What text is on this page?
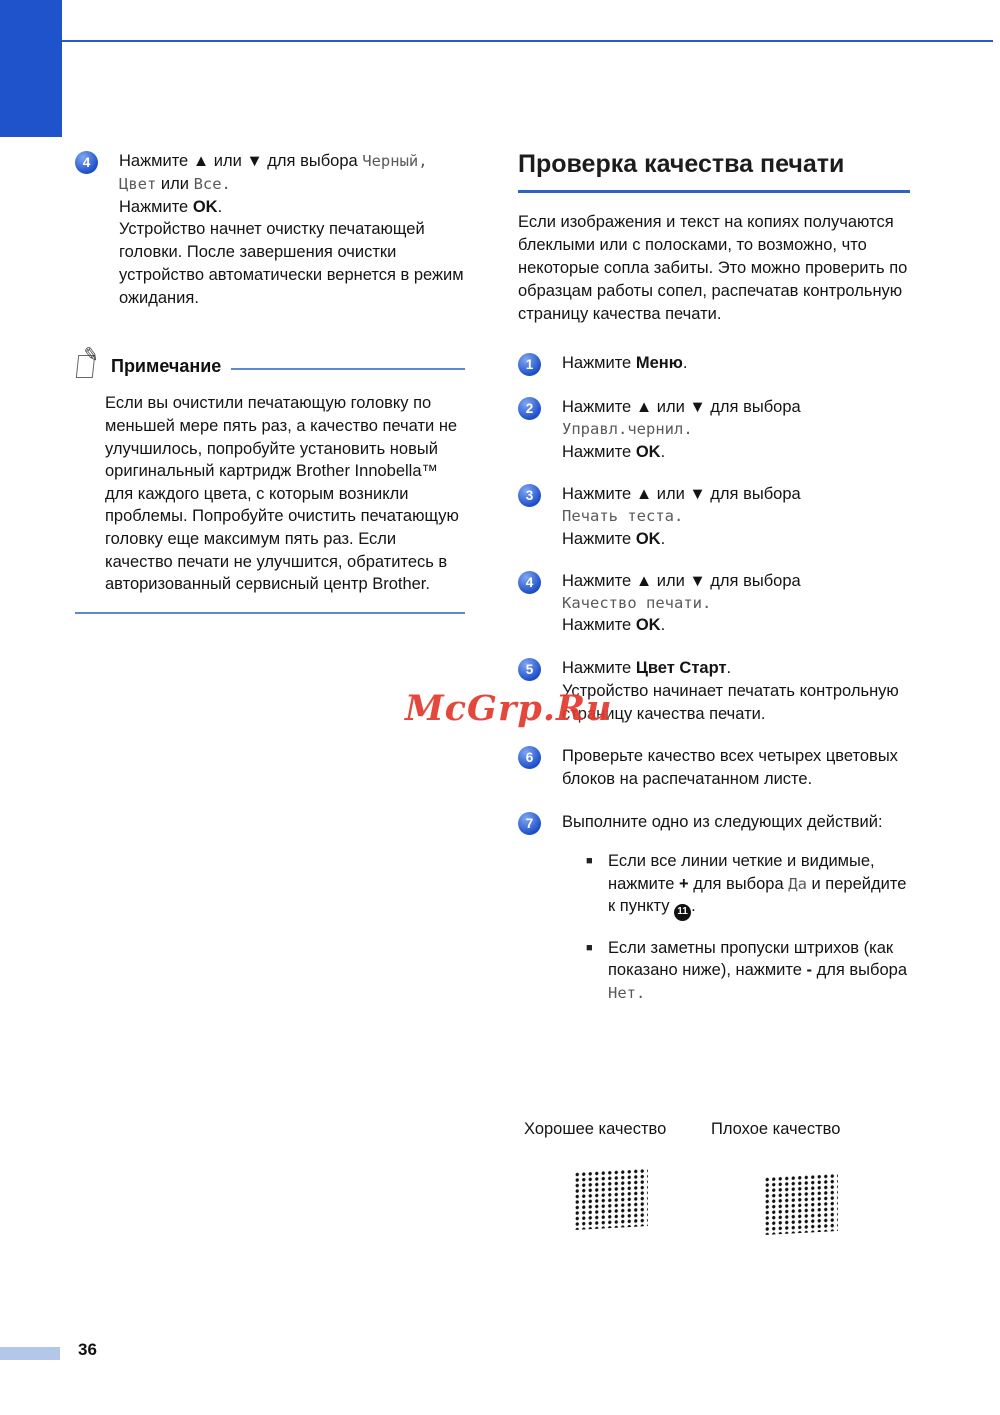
36
McGrp.Ru
4	Нажмите ▲ или ▼ для выбора Черный,
Цвет или Все.
Нажмите OK.
Устройство начнет очистку печатающей головки. После завершения очистки устройство автоматически вернется в режим ожидания.
✎ Примечание
Если вы очистили печатающую головку по меньшей мере пять раз, а качество печати не улучшилось, попробуйте установить новый оригинальный картридж Brother Innobella™ для каждого цвета, с которым возникли проблемы. Попробуйте очистить печатающую головку еще максимум пять раз. Если качество печати не улучшится, обратитесь в авторизованный сервисный центр Brother.
Проверка качества печати

Если изображения и текст на копиях получаются блеклыми или с полосками, то возможно, что некоторые сопла забиты. Это можно проверить по образцам работы сопел, распечатав контрольную страницу качества печати.

1	Нажмите Меню.
2	Нажмите ▲ или ▼ для выбора
Управл.чернил.
Нажмите OK.
3	Нажмите ▲ или ▼ для выбора
Печать теста.
Нажмите OK.
4	Нажмите ▲ или ▼ для выбора
Качество печати.
Нажмите OK.
5	Нажмите Цвет Старт.
Устройство начинает печатать контрольную страницу качества печати.
6	Проверьте качество всех четырех цветовых блоков на распечатанном листе.
7	Выполните одно из следующих действий:
■ Если все линии четкие и видимые, нажмите + для выбора Да и перейдите к пункту 11 .
■ Если заметны пропуски штрихов (как показано ниже), нажмите - для выбора Нет.
Хорошее качество	Плохое качество
